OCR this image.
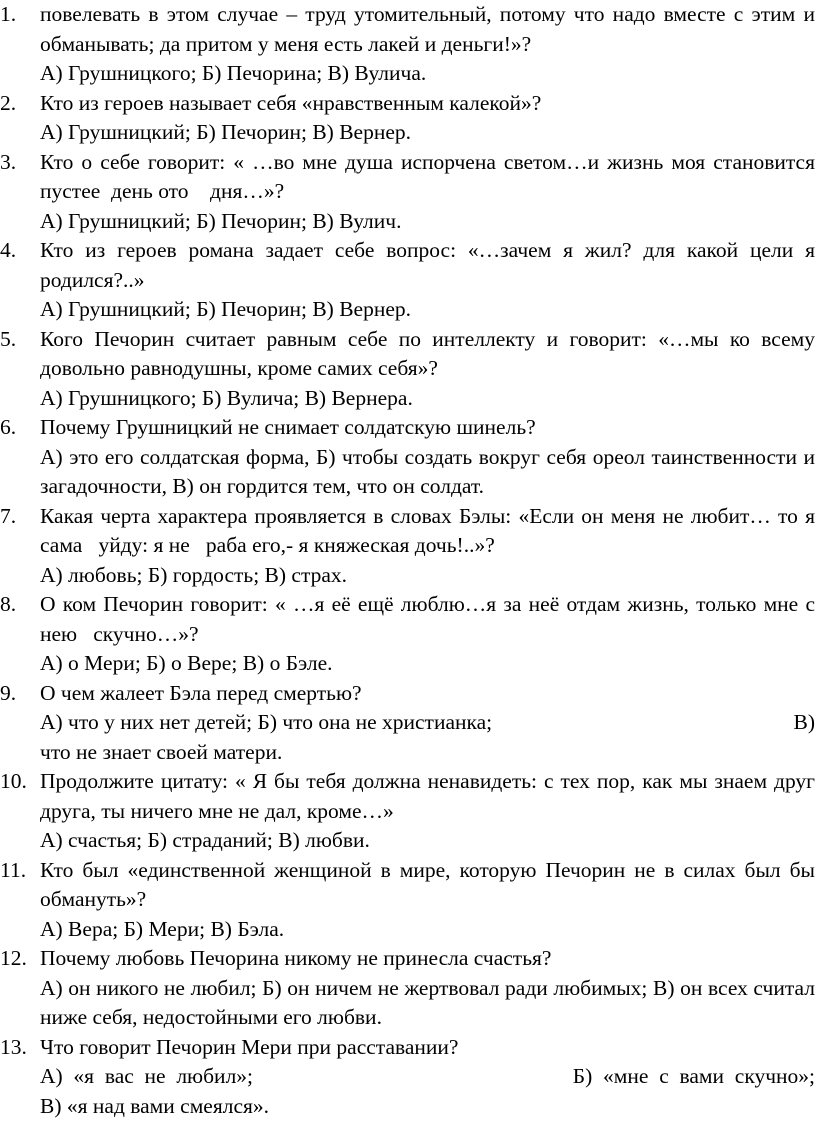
1.	повелевать в этом случае – труд утомительный, потому что надо вместе с этим и обманывать; да притом у меня есть лакей и деньги!»?

А) Грушницкого; Б) Печорина; В) Вулича.

2.	Кто из героев называет себя «нравственным калекой»?

А) Грушницкий; Б) Печорин; В) Вернер.

3.	Кто о себе говорит: « …во мне душа испорчена светом…и жизнь моя становится пустее  день ото    дня…»?

А) Грушницкий; Б) Печорин; В) Вулич.

4.	Кто из героев романа задает себе вопрос: «…зачем я жил? для какой цели я родился?..»

А) Грушницкий; Б) Печорин; В) Вернер.

5.	Кого Печорин считает равным себе по интеллекту и говорит: «…мы ко всему довольно равнодушны, кроме самих себя»?

А) Грушницкого; Б) Вулича; В) Вернера.

6.	Почему Грушницкий не снимает солдатскую шинель?

А) это его солдатская форма, Б) чтобы создать вокруг себя ореол таинственности и загадочности, В) он гордится тем, что он солдат.

7.	Какая черта характера проявляется в словах Бэлы: «Если он меня не любит… то я сама   уйду: я не   раба его,- я княжеская дочь!..»?

А) любовь; Б) гордость; В) страх.

8.	О ком Печорин говорит: « …я её ещё люблю…я за неё отдам жизнь, только мне с нею   скучно…»?

А) о Мери; Б) о Вере; В) о Бэле.

9.	О чем жалеет Бэла перед смертью?

А) что у них нет детей; Б) что она не христианка;	В)

что не знает своей матери.

10. Продолжите цитату: « Я бы тебя должна ненавидеть: с тех пор, как мы знаем друг друга, ты ничего мне не дал, кроме…»

А) счастья; Б) страданий; В) любви.

11. Кто был «единственной женщиной в мире, которую Печорин не в силах был бы обмануть»?

А) Вера; Б) Мери; В) Бэла.

12. Почему любовь Печорина никому не принесла счастья?

А) он никого не любил; Б) он ничем не жертвовал ради любимых; В) он всех считал ниже себя, недостойными его любви.

13. Что говорит Печорин Мери при расставании?

А)  «я  вас  не  любил»;	Б)  «мне  с  вами  скучно»;

В) «я над вами смеялся».
